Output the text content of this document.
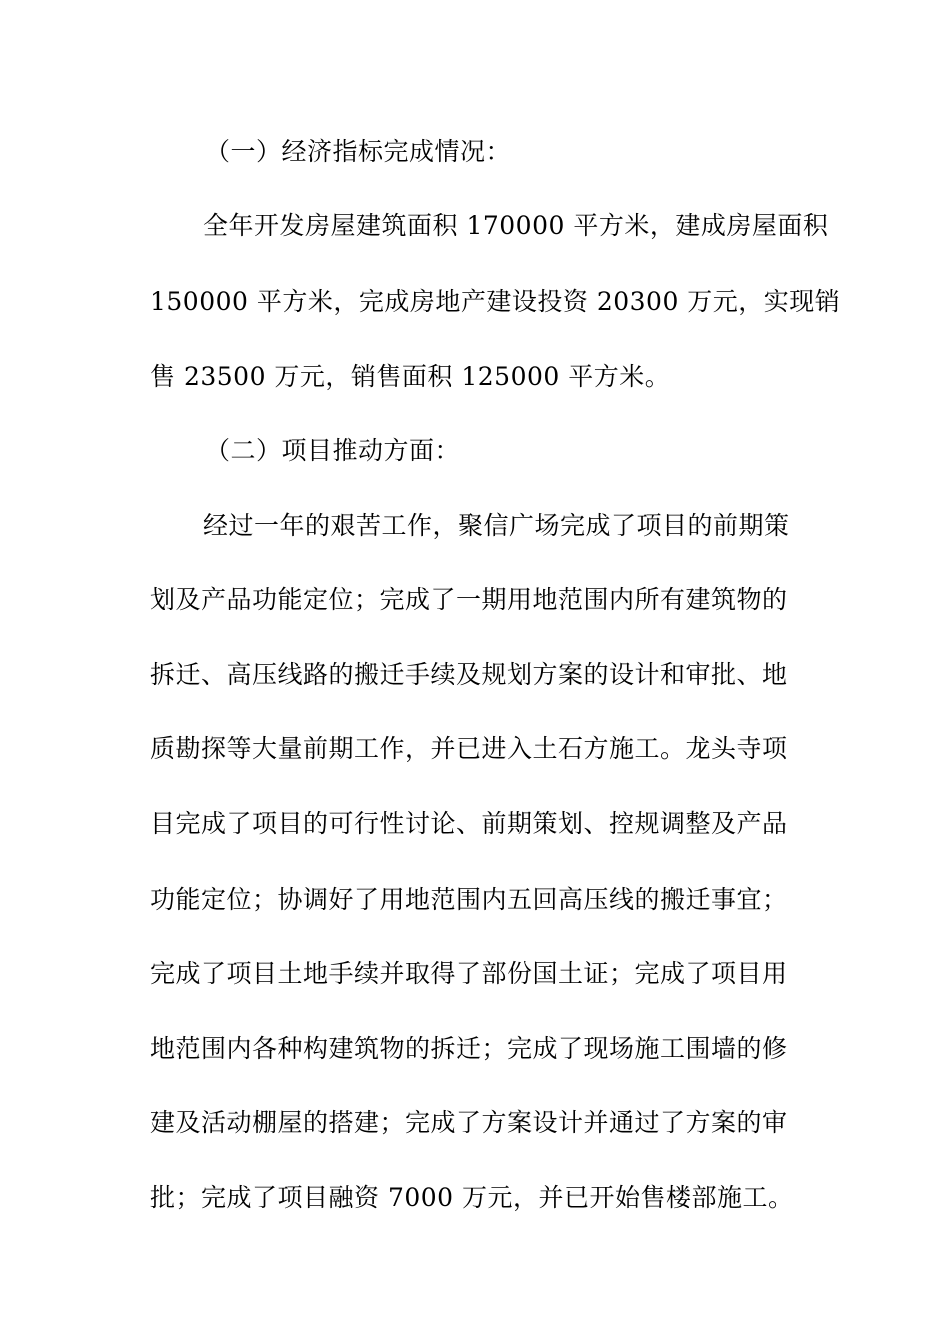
（一）经济指标完成情况：
全年开发房屋建筑面积 170000 平方米，建成房屋面积
150000 平方米，完成房地产建设投资 20300 万元，实现销
售 23500 万元，销售面积 125000 平方米。
（二）项目推动方面：
经过一年的艰苦工作，聚信广场完成了项目的前期策
划及产品功能定位；完成了一期用地范围内所有建筑物的
拆迁、高压线路的搬迁手续及规划方案的设计和审批、地
质勘探等大量前期工作，并已进入土石方施工。龙头寺项
目完成了项目的可行性讨论、前期策划、控规调整及产品
功能定位；协调好了用地范围内五回高压线的搬迁事宜；
完成了项目土地手续并取得了部份国土证；完成了项目用
地范围内各种构建筑物的拆迁；完成了现场施工围墙的修
建及活动棚屋的搭建；完成了方案设计并通过了方案的审
批；完成了项目融资 7000 万元，并已开始售楼部施工。
